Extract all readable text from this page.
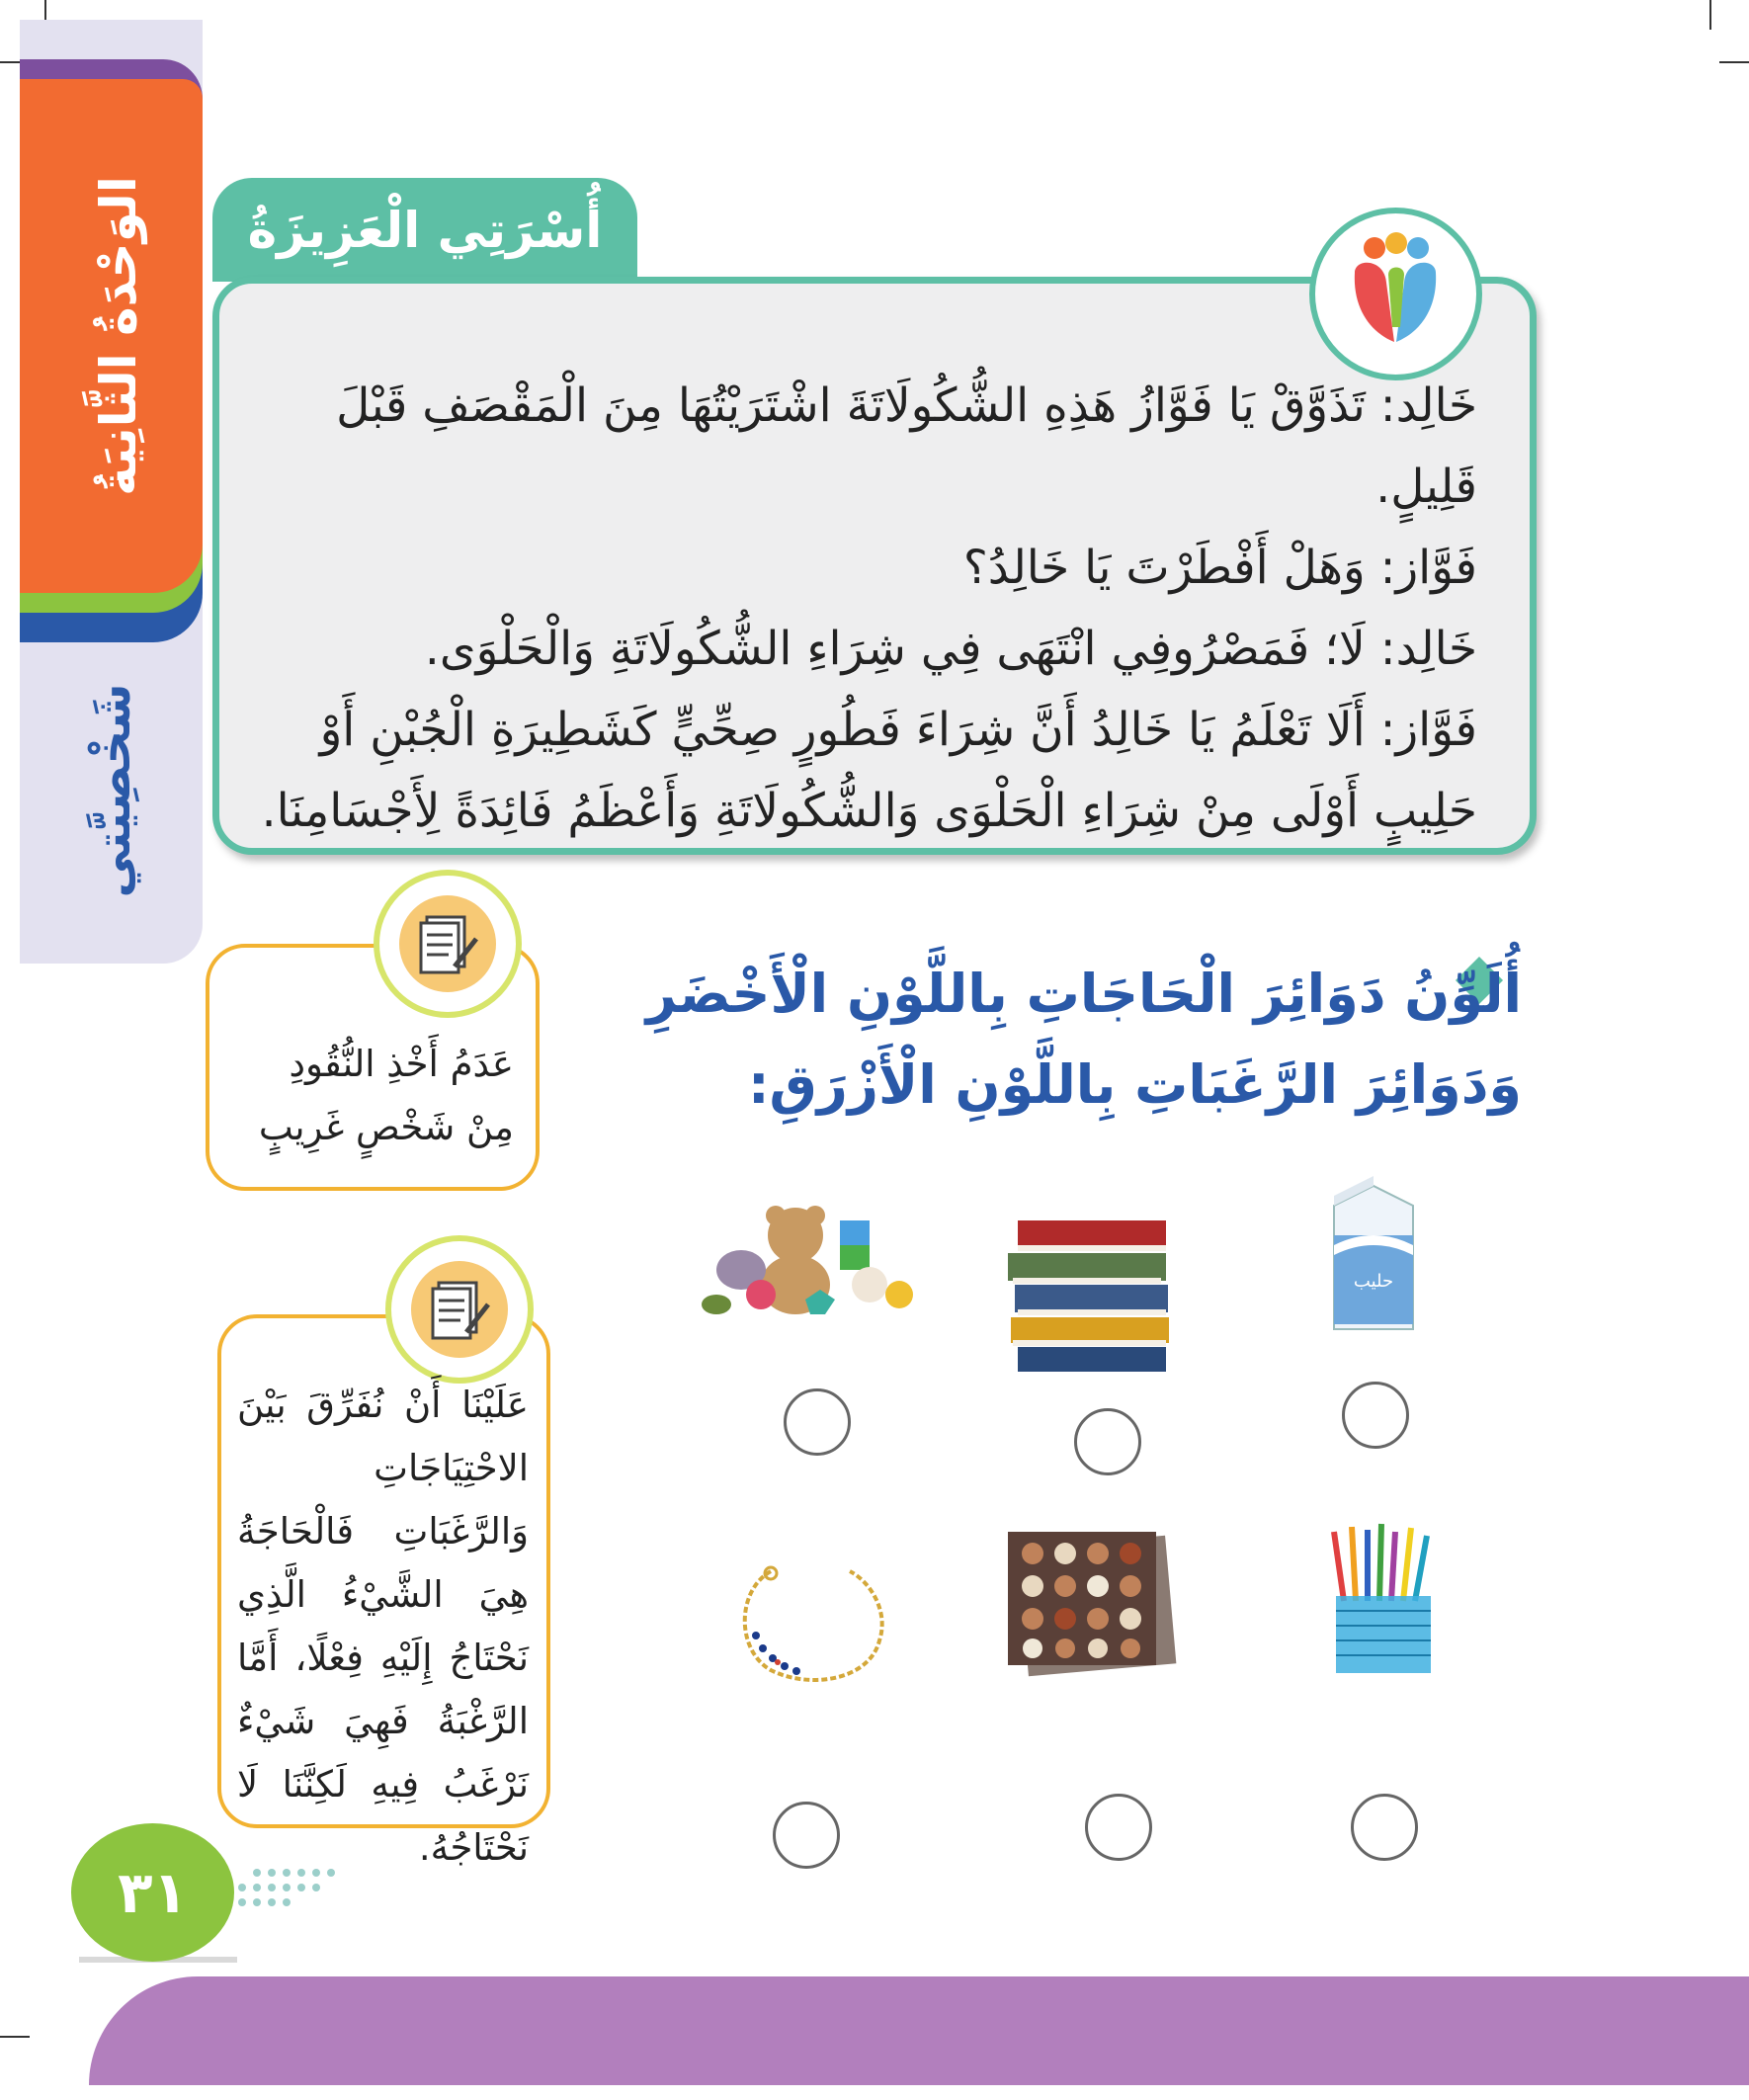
الوَحْدَةُ الثَّانِيَةُ
شَخْصِيَّتي
أُسْرَتِي الْعَزِيزَةُ

خَالِد: تَذَوَّقْ يَا فَوَّازُ هَذِهِ الشُّكُولَاتَةَ اشْتَرَيْتُهَا مِنَ الْمَقْصَفِ قَبْلَ قَلِيلٍ.

فَوَّاز: وَهَلْ أَفْطَرْتَ يَا خَالِدُ؟

خَالِد: لَا؛ فَمَصْرُوفِي انْتَهَى فِي شِرَاءِ الشُّكُولَاتَةِ وَالْحَلْوَى.

فَوَّاز: أَلَا تَعْلَمُ يَا خَالِدُ أَنَّ شِرَاءَ فَطُورٍ صِحِّيٍّ كَشَطِيرَةِ الْجُبْنِ أَوْ حَلِيبٍ أَوْلَى مِنْ شِرَاءِ الْحَلْوَى وَالشُّكُولَاتَةِ وَأَعْظَمُ فَائِدَةً لِأَجْسَامِنَا.

أُلَوِّنُ دَوَائِرَ الْحَاجَاتِ بِاللَّوْنِ الْأَخْضَرِ وَدَوَائِرَ الرَّغَبَاتِ بِاللَّوْنِ الْأَزْرَقِ:
عَدَمُ أَخْذِ النُّقُودِ مِنْ شَخْصٍ غَرِيبٍ
عَلَيْنَا أَنْ نُفَرِّقَ بَيْنَ الاحْتِيَاجَاتِ وَالرَّغَبَاتِ فَالْحَاجَةُ هِيَ الشَّيْءُ الَّذِي نَحْتَاجُ إِلَيْهِ فِعْلًا، أَمَّا الرَّغْبَةُ فَهِيَ شَيْءٌ نَرْغَبُ فِيهِ لَكِنَّنَا لَا نَحْتَاجُهُ.
حليب
٣١
